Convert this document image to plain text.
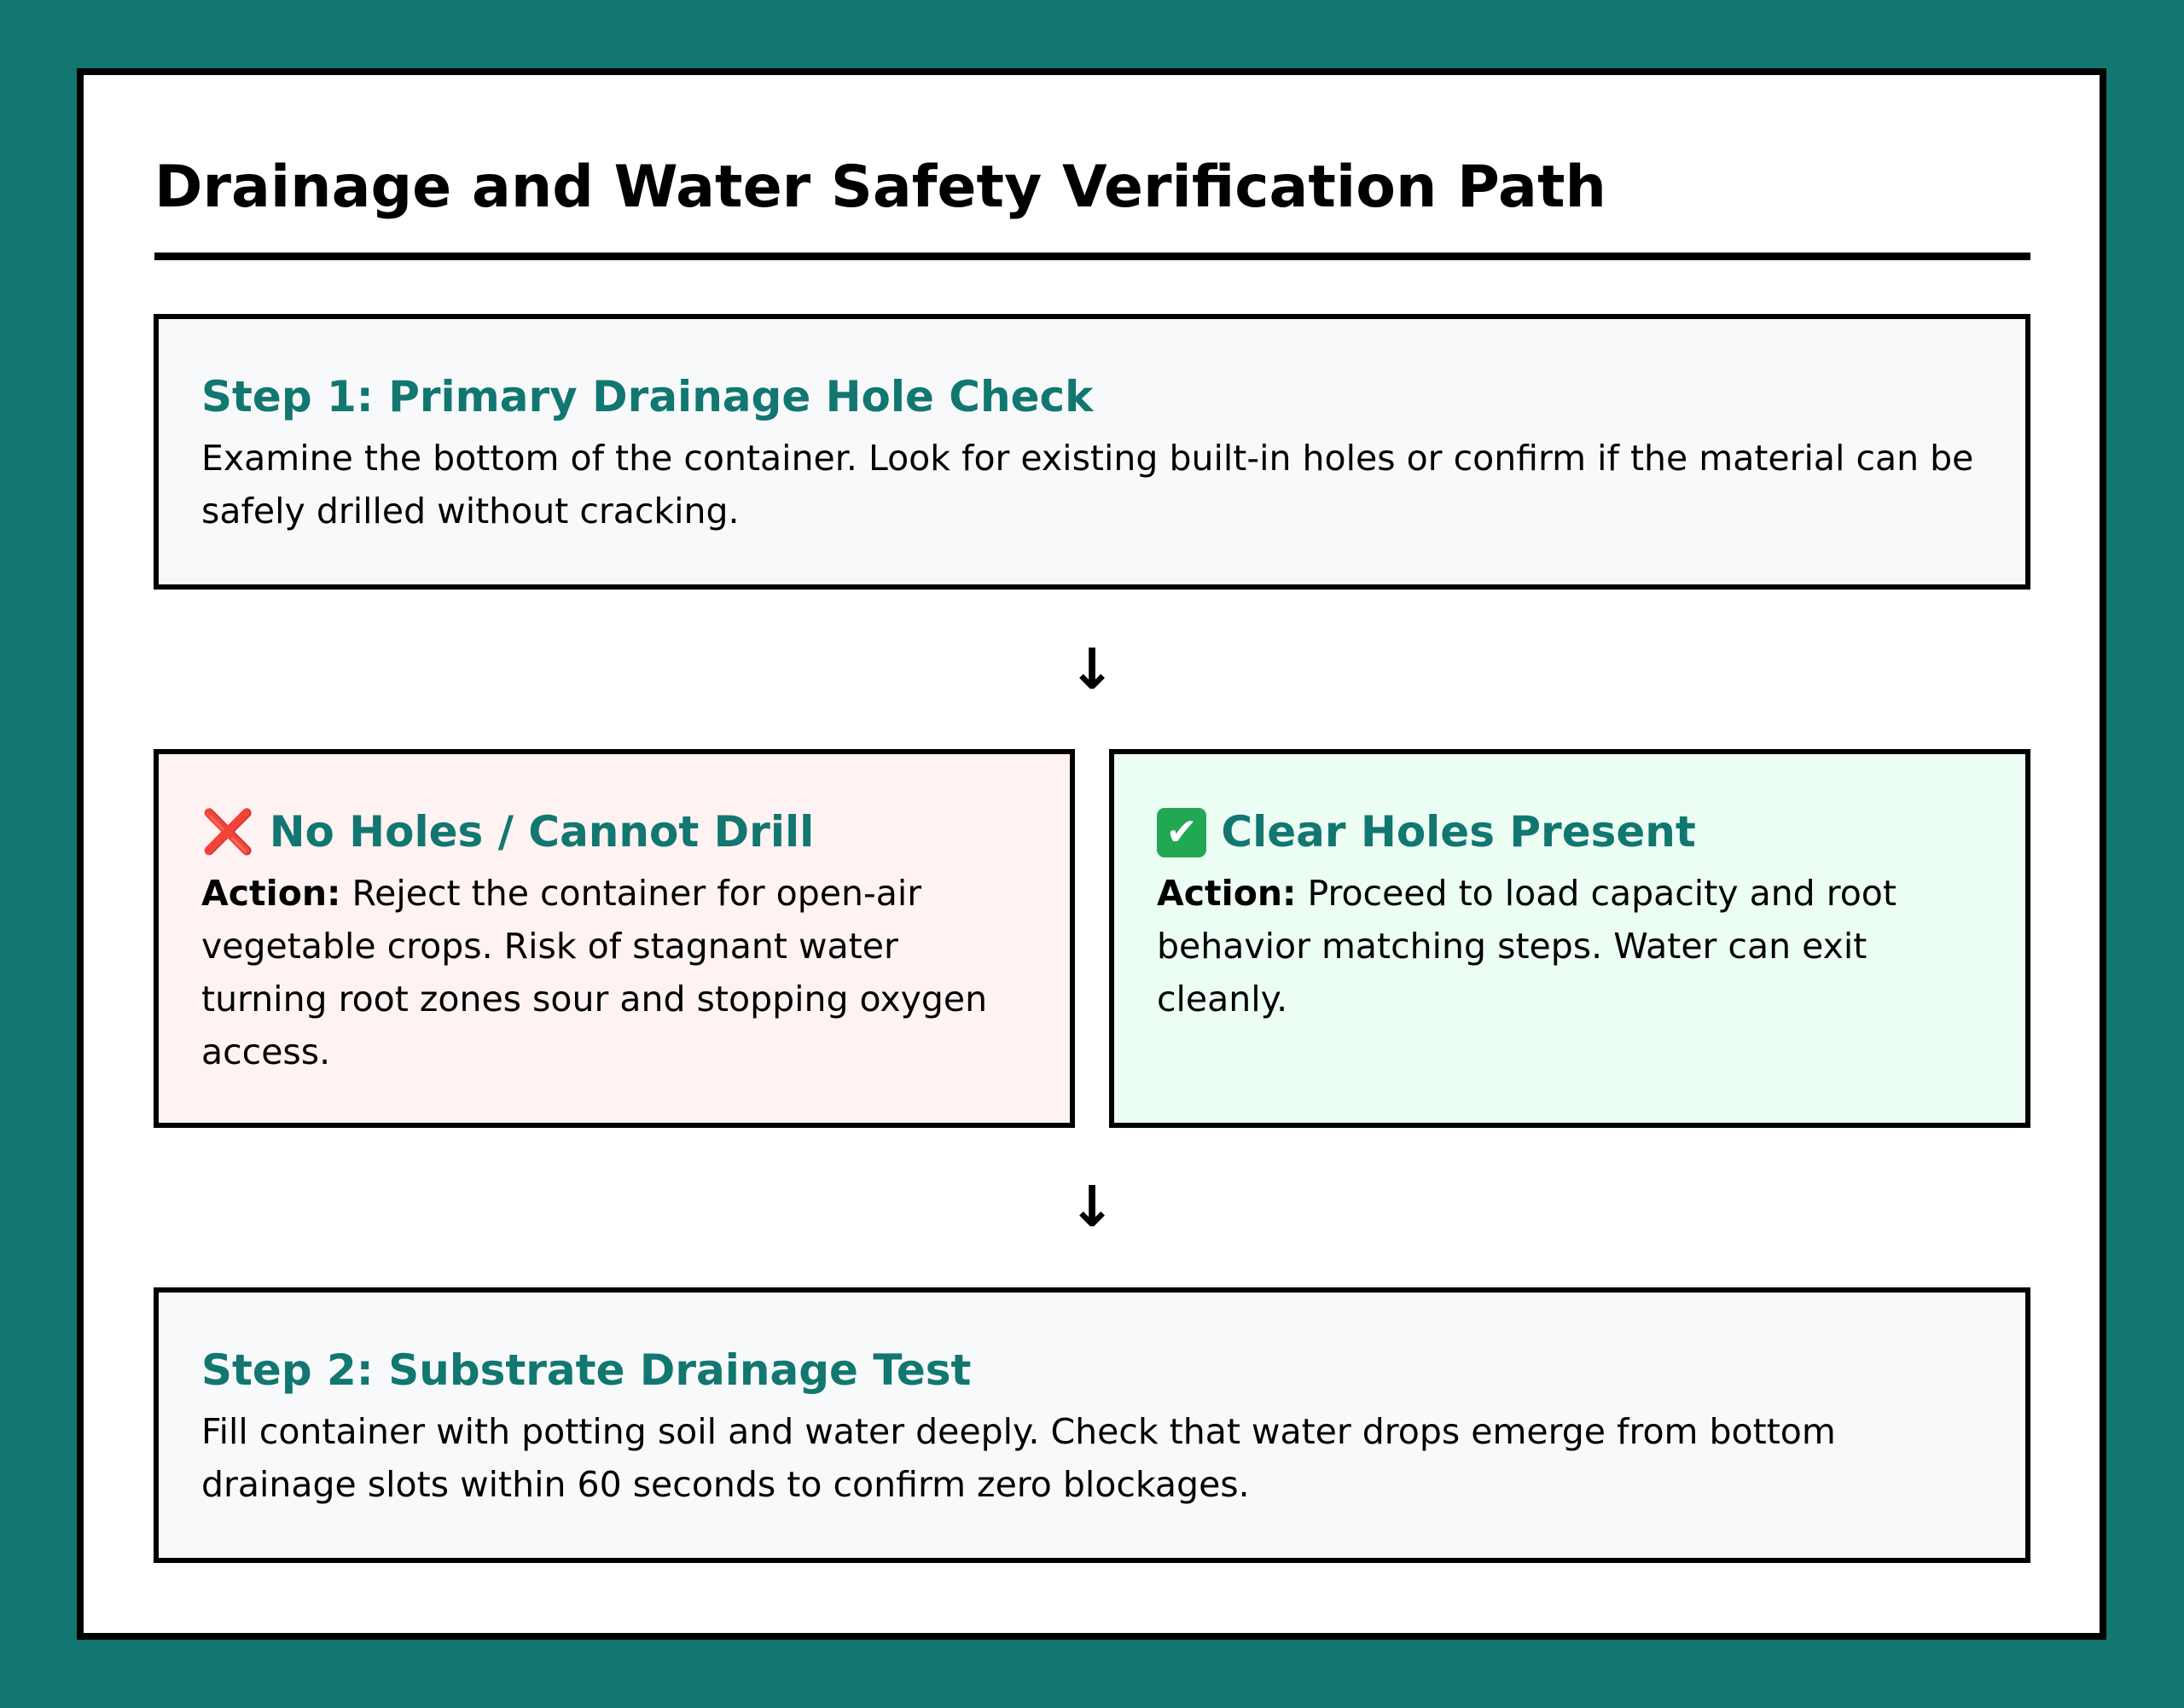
Drainage and Water Safety Verification Path
Step 1: Primary Drainage Hole Check

Examine the bottom of the container. Look for existing built-in holes or confirm if the material can be safely drilled without cracking.

↓
❌ No Holes / Cannot Drill

Action: Reject the container for open-air vegetable crops. Risk of stagnant water turning root zones sour and stopping oxygen access.

✔ Clear Holes Present

Action: Proceed to load capacity and root behavior matching steps. Water can exit cleanly.

↓
Step 2: Substrate Drainage Test

Fill container with potting soil and water deeply. Check that water drops emerge from bottom drainage slots within 60 seconds to confirm zero blockages.
